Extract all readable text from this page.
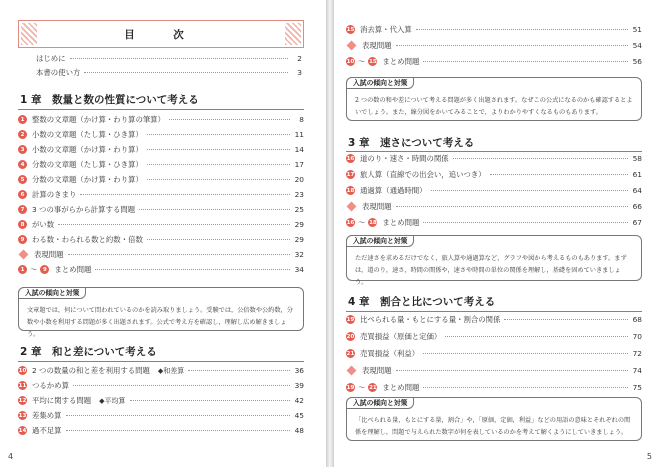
目　次
はじめに	2
本書の使い方	3
1 章　数量と数の性質について考える
1	整数の文章題（かけ算・わり算の筆算）	8
2	小数の文章題（たし算・ひき算）	11
3	小数の文章題（かけ算・わり算）	14
4	分数の文章題（たし算・ひき算）	17
5	分数の文章題（かけ算・わり算）	20
6	計算のきまり	23
7	3 つの事がらから計算する問題	25
8	がい数	29
9	わる数・わられる数と約数・倍数	29
表現問題	32
1 〜	9	まとめ問題	34
入試の傾向と対策
文章題では，何について問われているのかを読み取りましょう。受験では，公倍数や公約数，分数や小数を利用する問題が多く出題されます。公式で考え方を確認し，理解し広め解きましょう。
2 章　和と差について考える
10 2 つの数量の和と差を利用する問題 ◆和差算	36
11 つるかめ算	39
12 平均に関する問題 ◆平均算	42
13 差集め算	45
14 過不足算	48
4
15 消去算・代入算	51
表現問題	54
10 〜 15 まとめ問題	56
入試の傾向と対策
2 つの数の和や差について考える問題が多く出題されます。なぜこの公式になるのかも確認するとよいでしょう。また，線分図をかいてみることで，よりわかりやすくなるものもあります。
3 章　速さについて考える
16 道のり・速さ・時間の関係	58
17 旅人算（直線での出会い，追いつき）	61
18 通過算（通過時間）	64
表現問題	66
16 〜 18 まとめ問題	67
入試の傾向と対策
ただ速さを求めるだけでなく，旅人算や通過算など，グラフや図から考えるものもあります。まずは，道のり，速さ，時間の関係や，速さや時間の単位の関係を理解し，基礎を固めていきましょう。
4 章　割合と比について考える
19 比べられる量・もとにする量・割合の関係	68
20 売買損益（原価と定価）	70
21 売買損益（利益）	72
表現問題	74
19 〜 21 まとめ問題	75
入試の傾向と対策
「比べられる量，もとにする量，割合」や，「原価，定価，利益」などの用語の意味とそれぞれの関係を理解し，問題で与えられた数字が何を表しているのかを考えて解くようにしていきましょう。
5
